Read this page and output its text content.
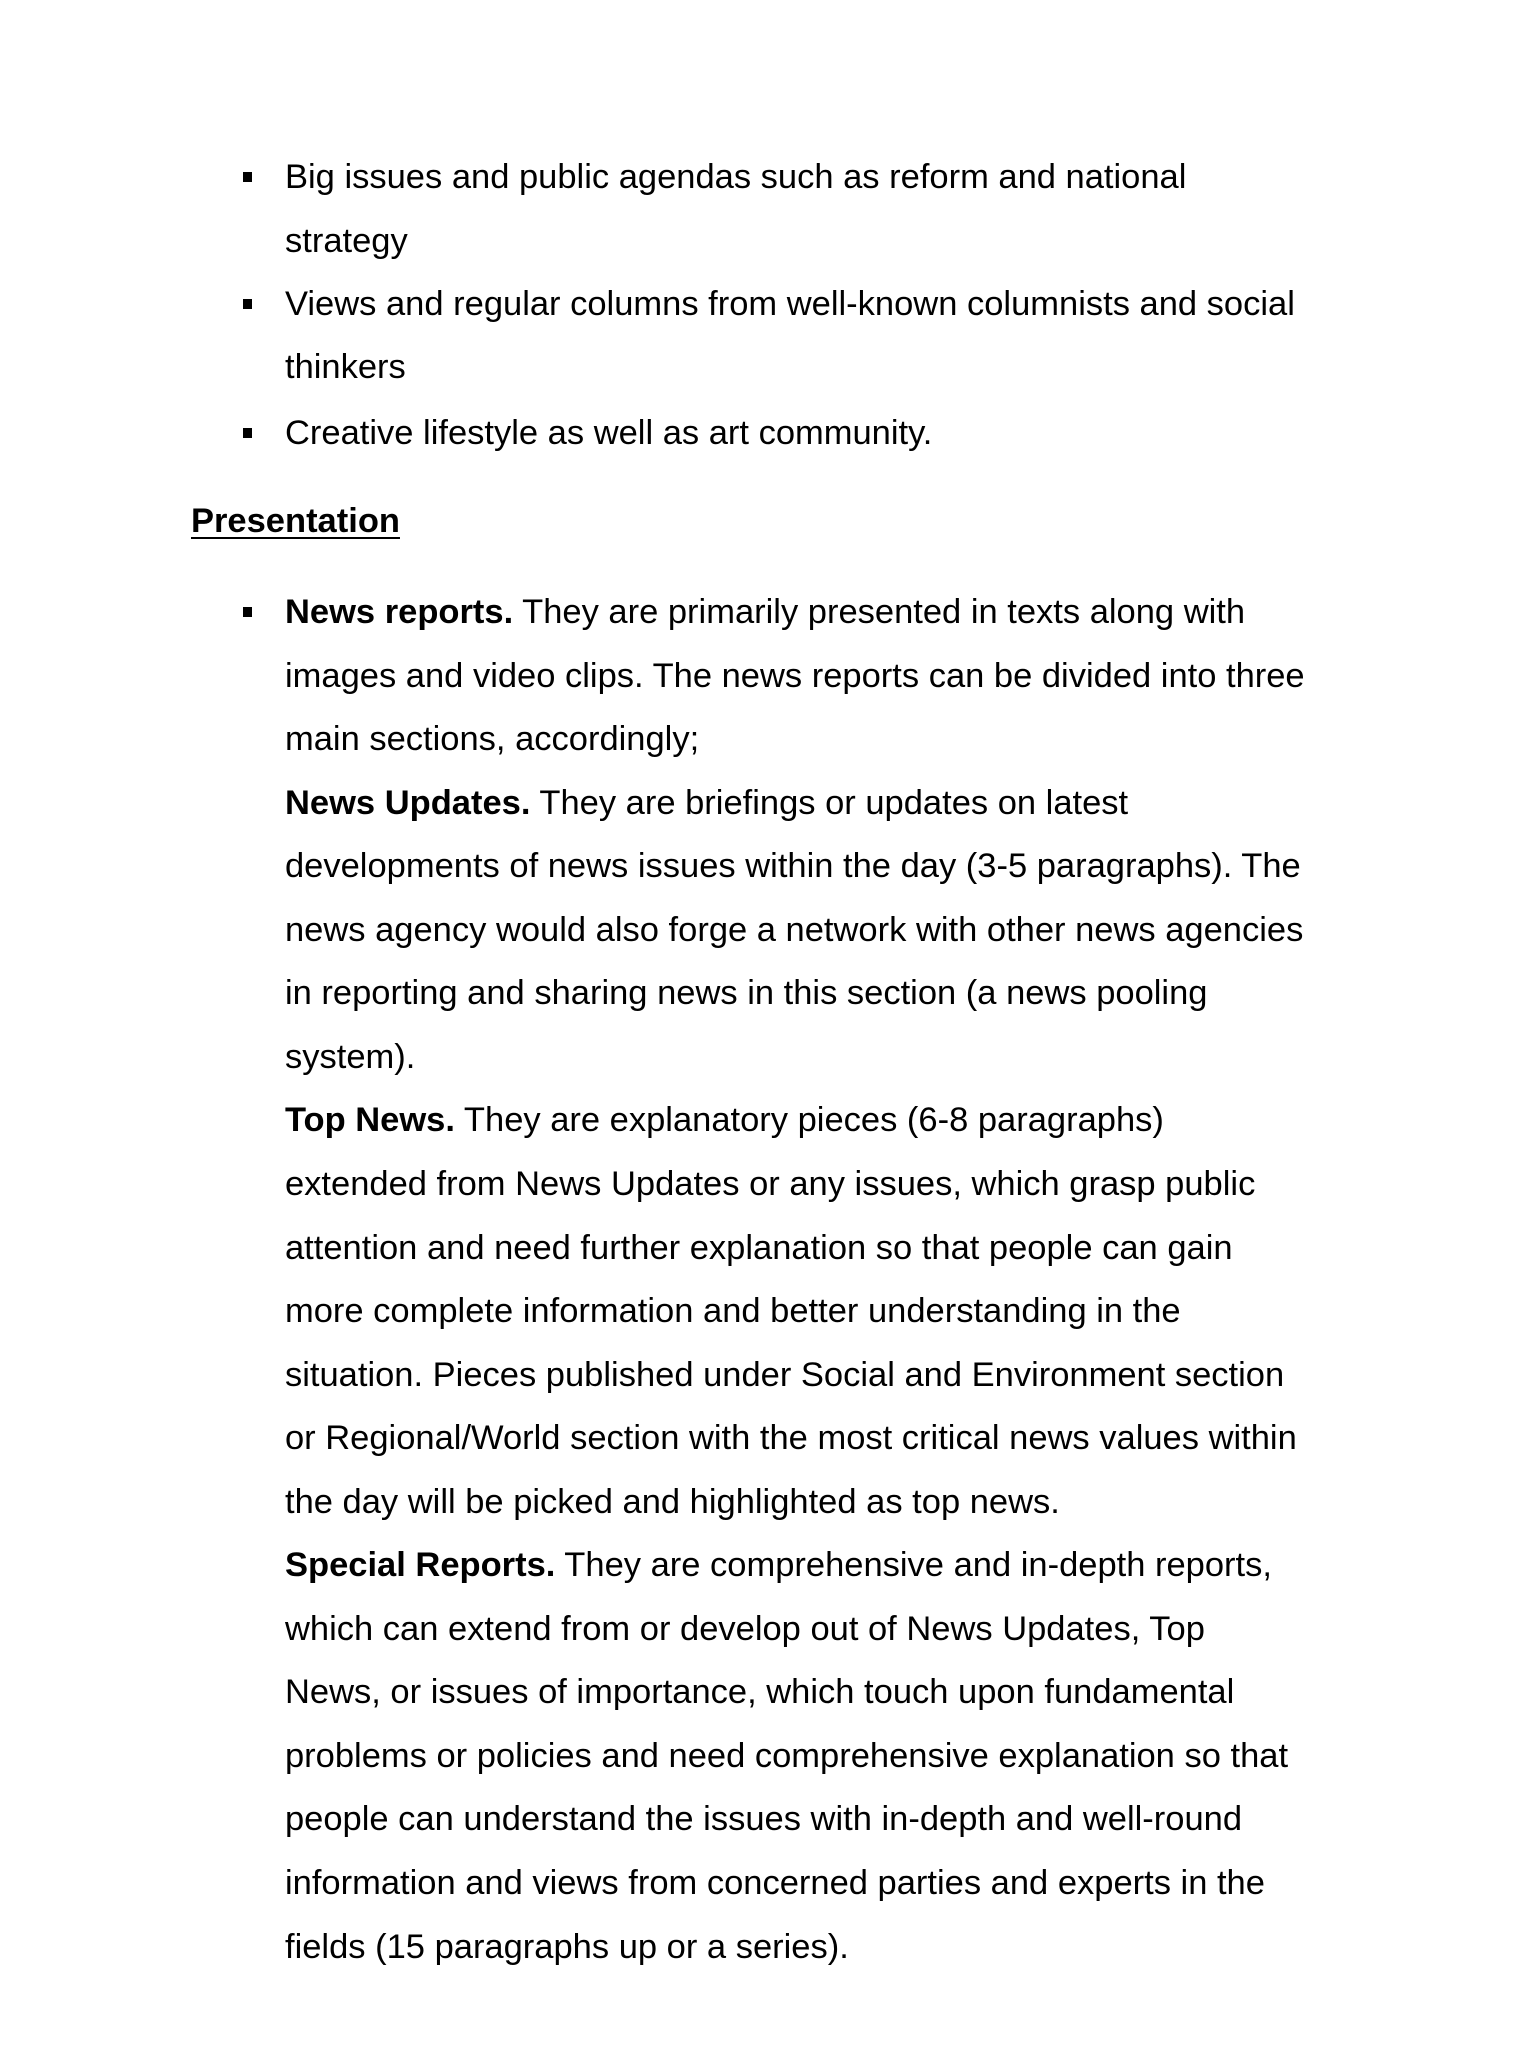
Big issues and public agendas such as reform and national
strategy
Views and regular columns from well-known columnists and social
thinkers
Creative lifestyle as well as art community.
Presentation
News reports. They are primarily presented in texts along with
images and video clips. The news reports can be divided into three
main sections, accordingly;
News Updates. They are briefings or updates on latest
developments of news issues within the day (3-5 paragraphs). The
news agency would also forge a network with other news agencies
in reporting and sharing news in this section (a news pooling
system).
Top News. They are explanatory pieces (6-8 paragraphs)
extended from News Updates or any issues, which grasp public
attention and need further explanation so that people can gain
more complete information and better understanding in the
situation. Pieces published under Social and Environment section
or Regional/World section with the most critical news values within
the day will be picked and highlighted as top news.
Special Reports. They are comprehensive and in-depth reports,
which can extend from or develop out of News Updates, Top
News, or issues of importance, which touch upon fundamental
problems or policies and need comprehensive explanation so that
people can understand the issues with in-depth and well-round
information and views from concerned parties and experts in the
fields (15 paragraphs up or a series).
